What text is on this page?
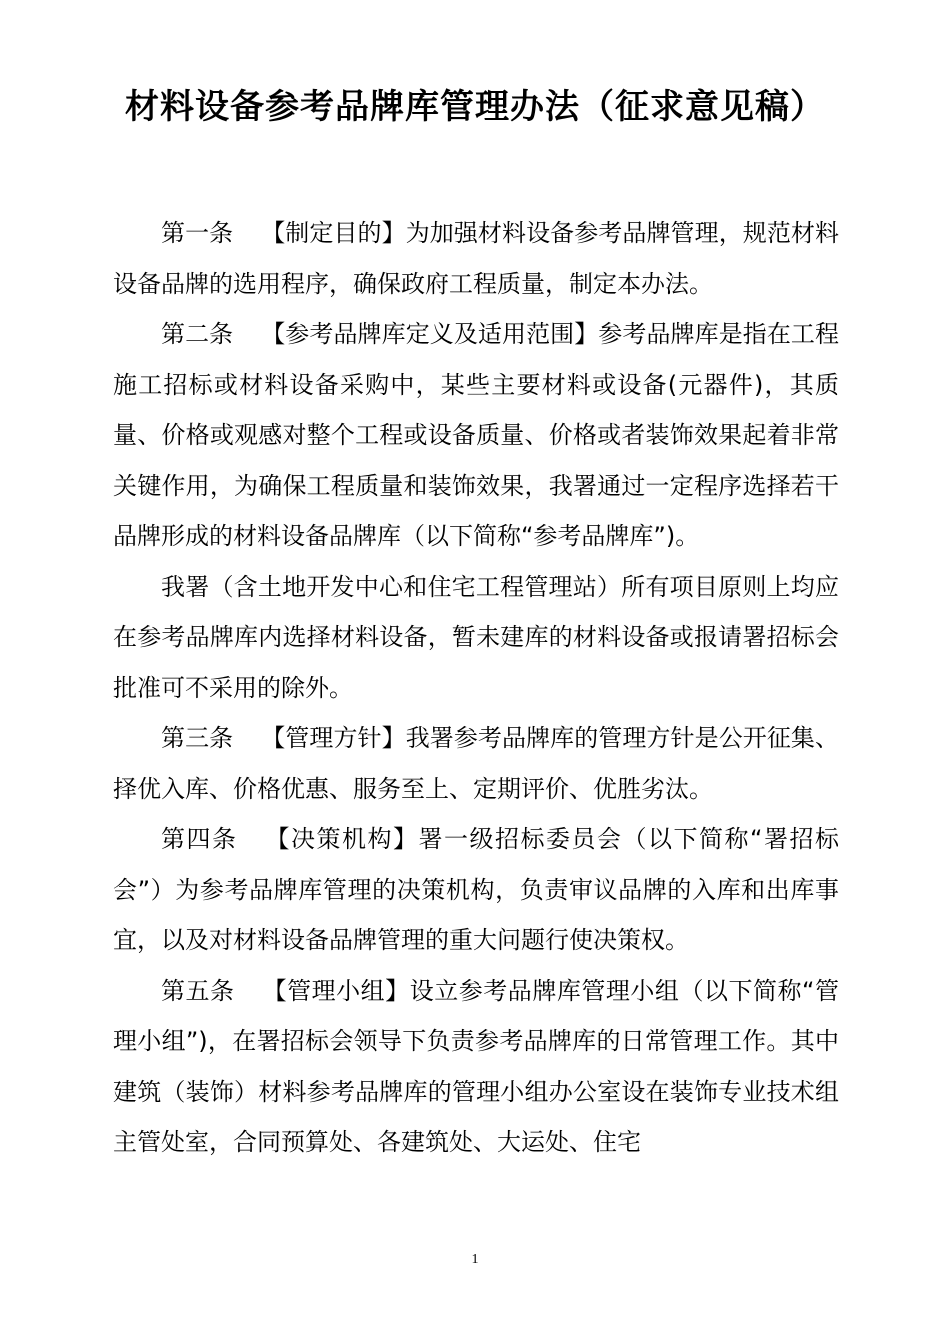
材料设备参考品牌库管理办法（征求意见稿）

第一条 【制定目的】为加强材料设备参考品牌管理，规范材料设备品牌的选用程序，确保政府工程质量，制定本办法。

第二条 【参考品牌库定义及适用范围】参考品牌库是指在工程施工招标或材料设备采购中，某些主要材料或设备(元器件)，其质量、价格或观感对整个工程或设备质量、价格或者装饰效果起着非常关键作用，为确保工程质量和装饰效果，我署通过一定程序选择若干品牌形成的材料设备品牌库（以下简称“参考品牌库”)。

我署（含土地开发中心和住宅工程管理站）所有项目原则上均应在参考品牌库内选择材料设备，暂未建库的材料设备或报请署招标会批准可不采用的除外。

第三条 【管理方针】我署参考品牌库的管理方针是公开征集、择优入库、价格优惠、服务至上、定期评价、优胜劣汰。

第四条 【决策机构】署一级招标委员会（以下简称“署招标会”）为参考品牌库管理的决策机构，负责审议品牌的入库和出库事宜，以及对材料设备品牌管理的重大问题行使决策权。

第五条 【管理小组】设立参考品牌库管理小组（以下简称“管理小组”)，在署招标会领导下负责参考品牌库的日常管理工作。其中建筑（装饰）材料参考品牌库的管理小组办公室设在装饰专业技术组主管处室，合同预算处、各建筑处、大运处、住宅

1
